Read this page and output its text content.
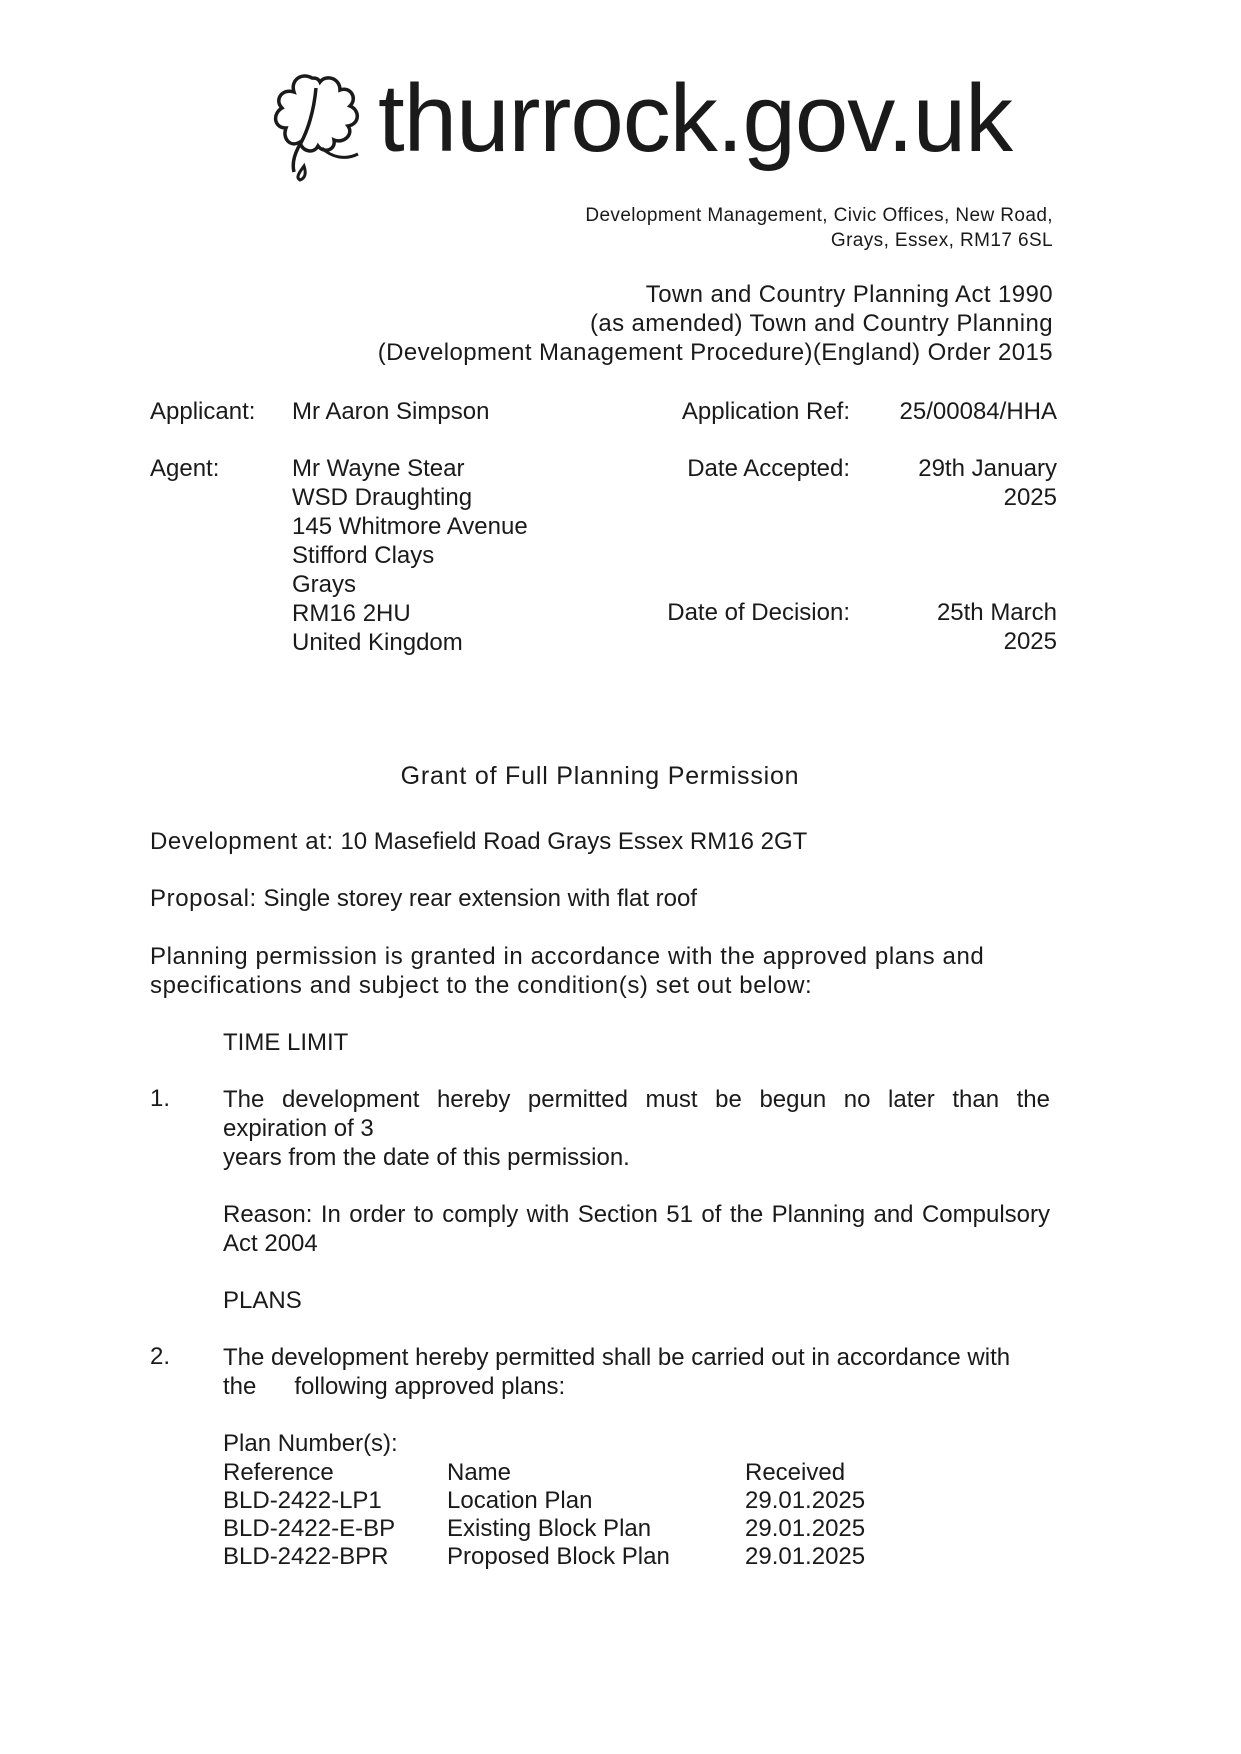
thurrock.gov.uk
Development Management, Civic Offices, New Road,
Grays, Essex, RM17 6SL
Town and Country Planning Act 1990
(as amended) Town and Country Planning
(Development Management Procedure)(England) Order 2015
Applicant: Mr Aaron Simpson	Application Ref: 25/00084/HHA
Agent:	Mr Wayne Stear
WSD Draughting
145 Whitmore Avenue
Stifford Clays
Grays
RM16 2HU
United Kingdom
Date Accepted:	29th January
2025
Date of Decision:	25th March
2025
Grant of Full Planning Permission
Development at: 10 Masefield Road Grays Essex RM16 2GT
Proposal: Single storey rear extension with flat roof
Planning permission is granted in accordance with the approved plans and
specifications and subject to the condition(s) set out below:
TIME LIMIT
1. The development hereby permitted must be begun no later than the expiration of 3
years from the date of this permission.
Reason: In order to comply with Section 51 of the Planning and Compulsory Act 2004
PLANS
2. The development hereby permitted shall be carried out in accordance with
the following approved plans:
Plan Number(s):
Reference	Name	Received
BLD-2422-LP1	Location Plan	29.01.2025
BLD-2422-E-BP Existing Block Plan	29.01.2025
BLD-2422-BPR Proposed Block Plan	29.01.2025
